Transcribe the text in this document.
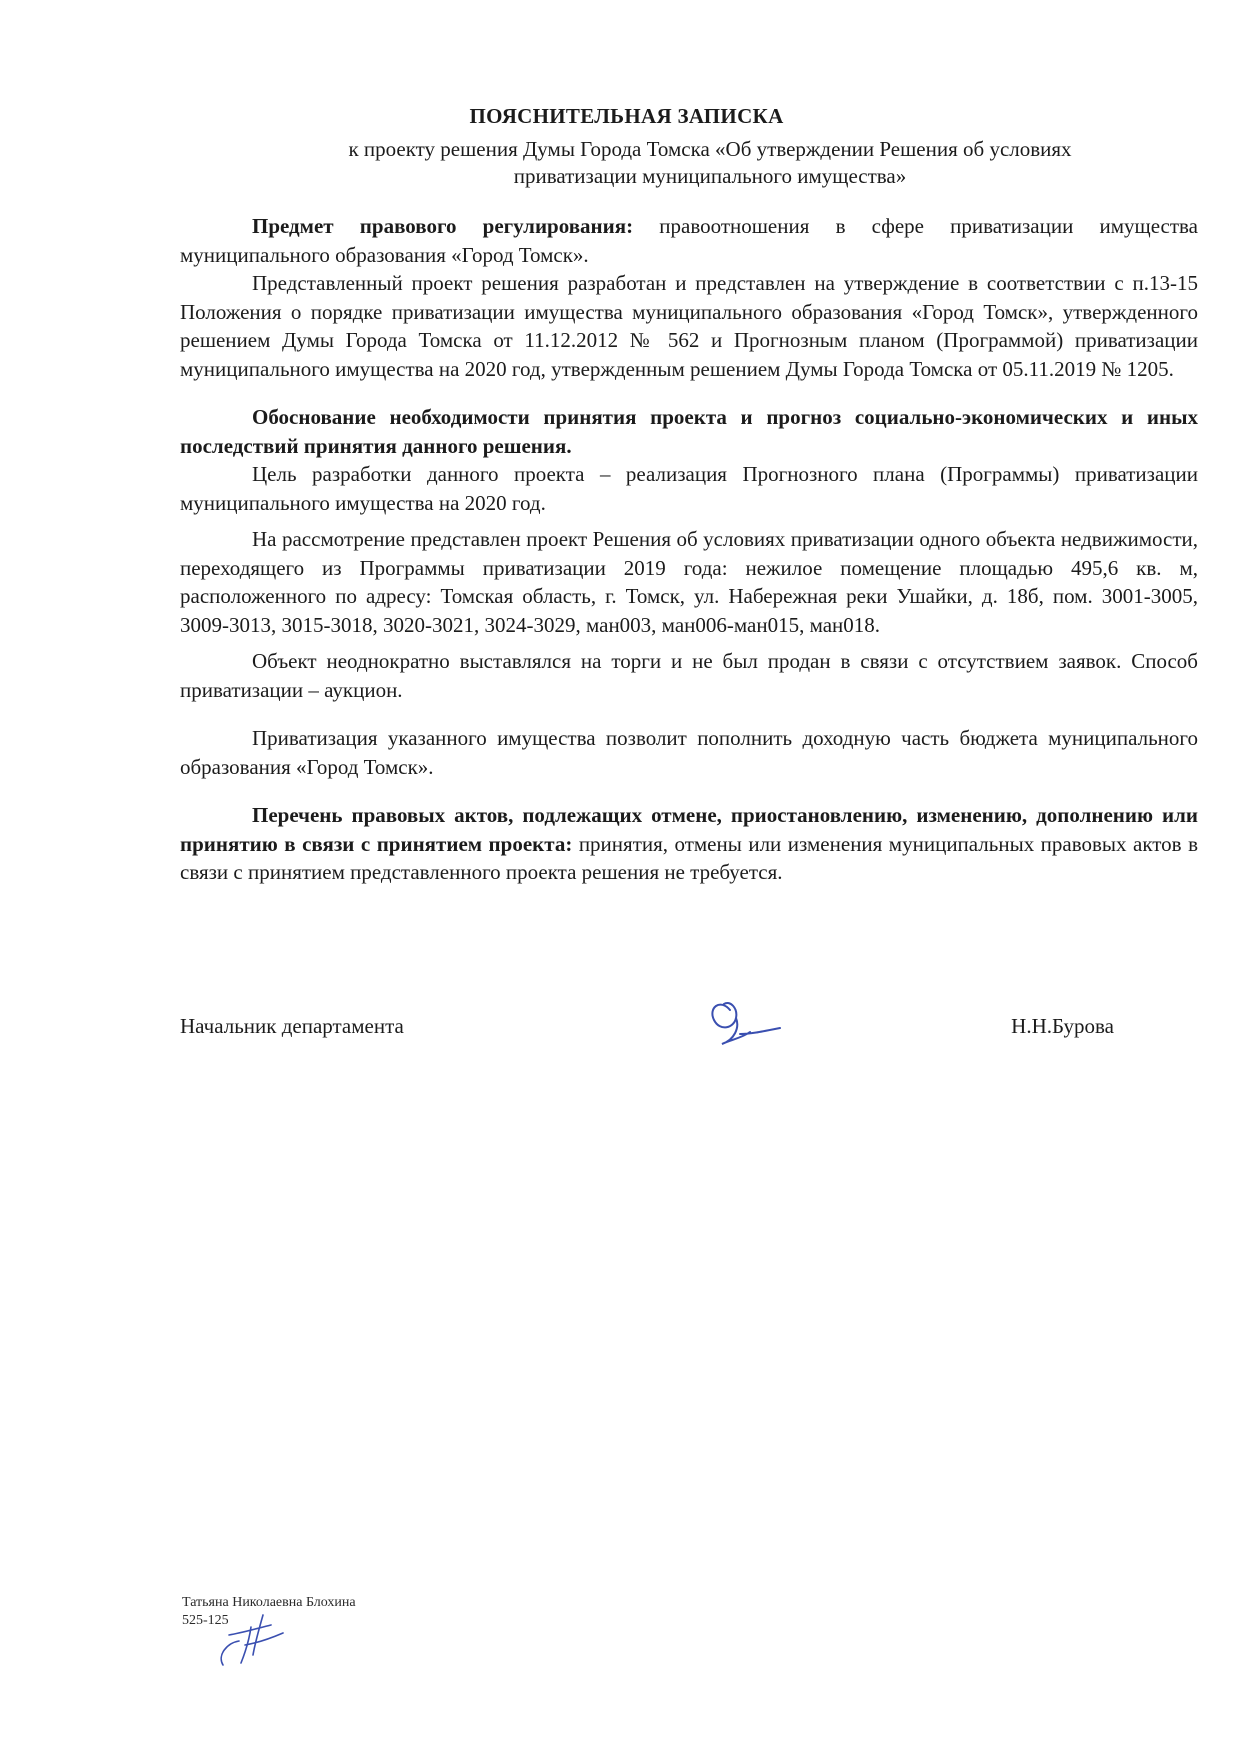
ПОЯСНИТЕЛЬНАЯ ЗАПИСКА
к проекту решения Думы Города Томска «Об утверждении Решения об условиях
приватизации муниципального имущества»

Предмет правового регулирования: правоотношения в сфере приватизации имущества муниципального образования «Город Томск».

Представленный проект решения разработан и представлен на утверждение в соответствии с п.13-15 Положения о порядке приватизации имущества муниципального образования «Город Томск», утвержденного решением Думы Города Томска от 11.12.2012 № 562 и Прогнозным планом (Программой) приватизации муниципального имущества на 2020 год, утвержденным решением Думы Города Томска от 05.11.2019 № 1205.

Обоснование необходимости принятия проекта и прогноз социально-экономических и иных последствий принятия данного решения.

Цель разработки данного проекта – реализация Прогнозного плана (Программы) приватизации муниципального имущества на 2020 год.

На рассмотрение представлен проект Решения об условиях приватизации одного объекта недвижимости, переходящего из Программы приватизации 2019 года: нежилое помещение площадью 495,6 кв. м, расположенного по адресу: Томская область, г. Томск, ул. Набережная реки Ушайки, д. 18б, пом. 3001-3005, 3009-3013, 3015-3018, 3020-3021, 3024-3029, ман003, ман006-ман015, ман018.

Объект неоднократно выставлялся на торги и не был продан в связи с отсутствием заявок. Способ приватизации – аукцион.

Приватизация указанного имущества позволит пополнить доходную часть бюджета муниципального образования «Город Томск».

Перечень правовых актов, подлежащих отмене, приостановлению, изменению, дополнению или принятию в связи с принятием проекта: принятия, отмены или изменения муниципальных правовых актов в связи с принятием представленного проекта решения не требуется.

Начальник департамента	Н.Н.Бурова
Татьяна Николаевна Блохина
525-125
